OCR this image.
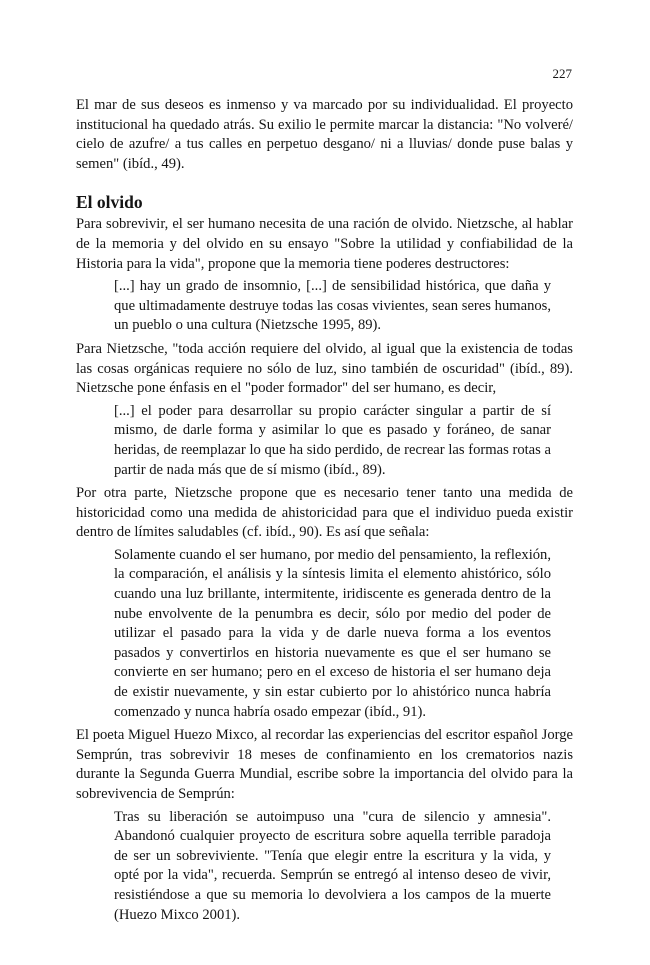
227

El mar de sus deseos es inmenso y va marcado por su individualidad. El proyecto institucional ha quedado atrás. Su exilio le permite marcar la distancia: "No volveré/ cielo de azufre/ a tus calles en perpetuo desgano/ ni a lluvias/ donde puse balas y semen" (ibíd., 49).

El olvido

Para sobrevivir, el ser humano necesita de una ración de olvido. Nietzsche, al hablar de la memoria y del olvido en su ensayo "Sobre la utilidad y confiabilidad de la Historia para la vida", propone que la memoria tiene poderes destructores:

[...] hay un grado de insomnio, [...] de sensibilidad histórica, que daña y que ultimadamente destruye todas las cosas vivientes, sean seres humanos, un pueblo o una cultura (Nietzsche 1995, 89).

Para Nietzsche, "toda acción requiere del olvido, al igual que la existencia de todas las cosas orgánicas requiere no sólo de luz, sino también de oscuridad" (ibíd., 89). Nietzsche pone énfasis en el "poder formador" del ser humano, es decir,

[...] el poder para desarrollar su propio carácter singular a partir de sí mismo, de darle forma y asimilar lo que es pasado y foráneo, de sanar heridas, de reemplazar lo que ha sido perdido, de recrear las formas rotas a partir de nada más que de sí mismo (ibíd., 89).

Por otra parte, Nietzsche propone que es necesario tener tanto una medida de historicidad como una medida de ahistoricidad para que el individuo pueda existir dentro de límites saludables (cf. ibíd., 90). Es así que señala:

Solamente cuando el ser humano, por medio del pensamiento, la reflexión, la comparación, el análisis y la síntesis limita el elemento ahistórico, sólo cuando una luz brillante, intermitente, iridiscente es generada dentro de la nube envolvente de la penumbra es decir, sólo por medio del poder de utilizar el pasado para la vida y de darle nueva forma a los eventos pasados y convertirlos en historia nuevamente es que el ser humano se convierte en ser humano; pero en el exceso de historia el ser humano deja de existir nuevamente, y sin estar cubierto por lo ahistórico nunca habría comenzado y nunca habría osado empezar (ibíd., 91).

El poeta Miguel Huezo Mixco, al recordar las experiencias del escritor español Jorge Semprún, tras sobrevivir 18 meses de confinamiento en los crematorios nazis durante la Segunda Guerra Mundial, escribe sobre la importancia del olvido para la sobrevivencia de Semprún:

Tras su liberación se autoimpuso una "cura de silencio y amnesia". Abandonó cualquier proyecto de escritura sobre aquella terrible paradoja de ser un sobreviviente. "Tenía que elegir entre la escritura y la vida, y opté por la vida", recuerda. Semprún se entregó al intenso deseo de vivir, resistiéndose a que su memoria lo devolviera a los campos de la muerte (Huezo Mixco 2001).
